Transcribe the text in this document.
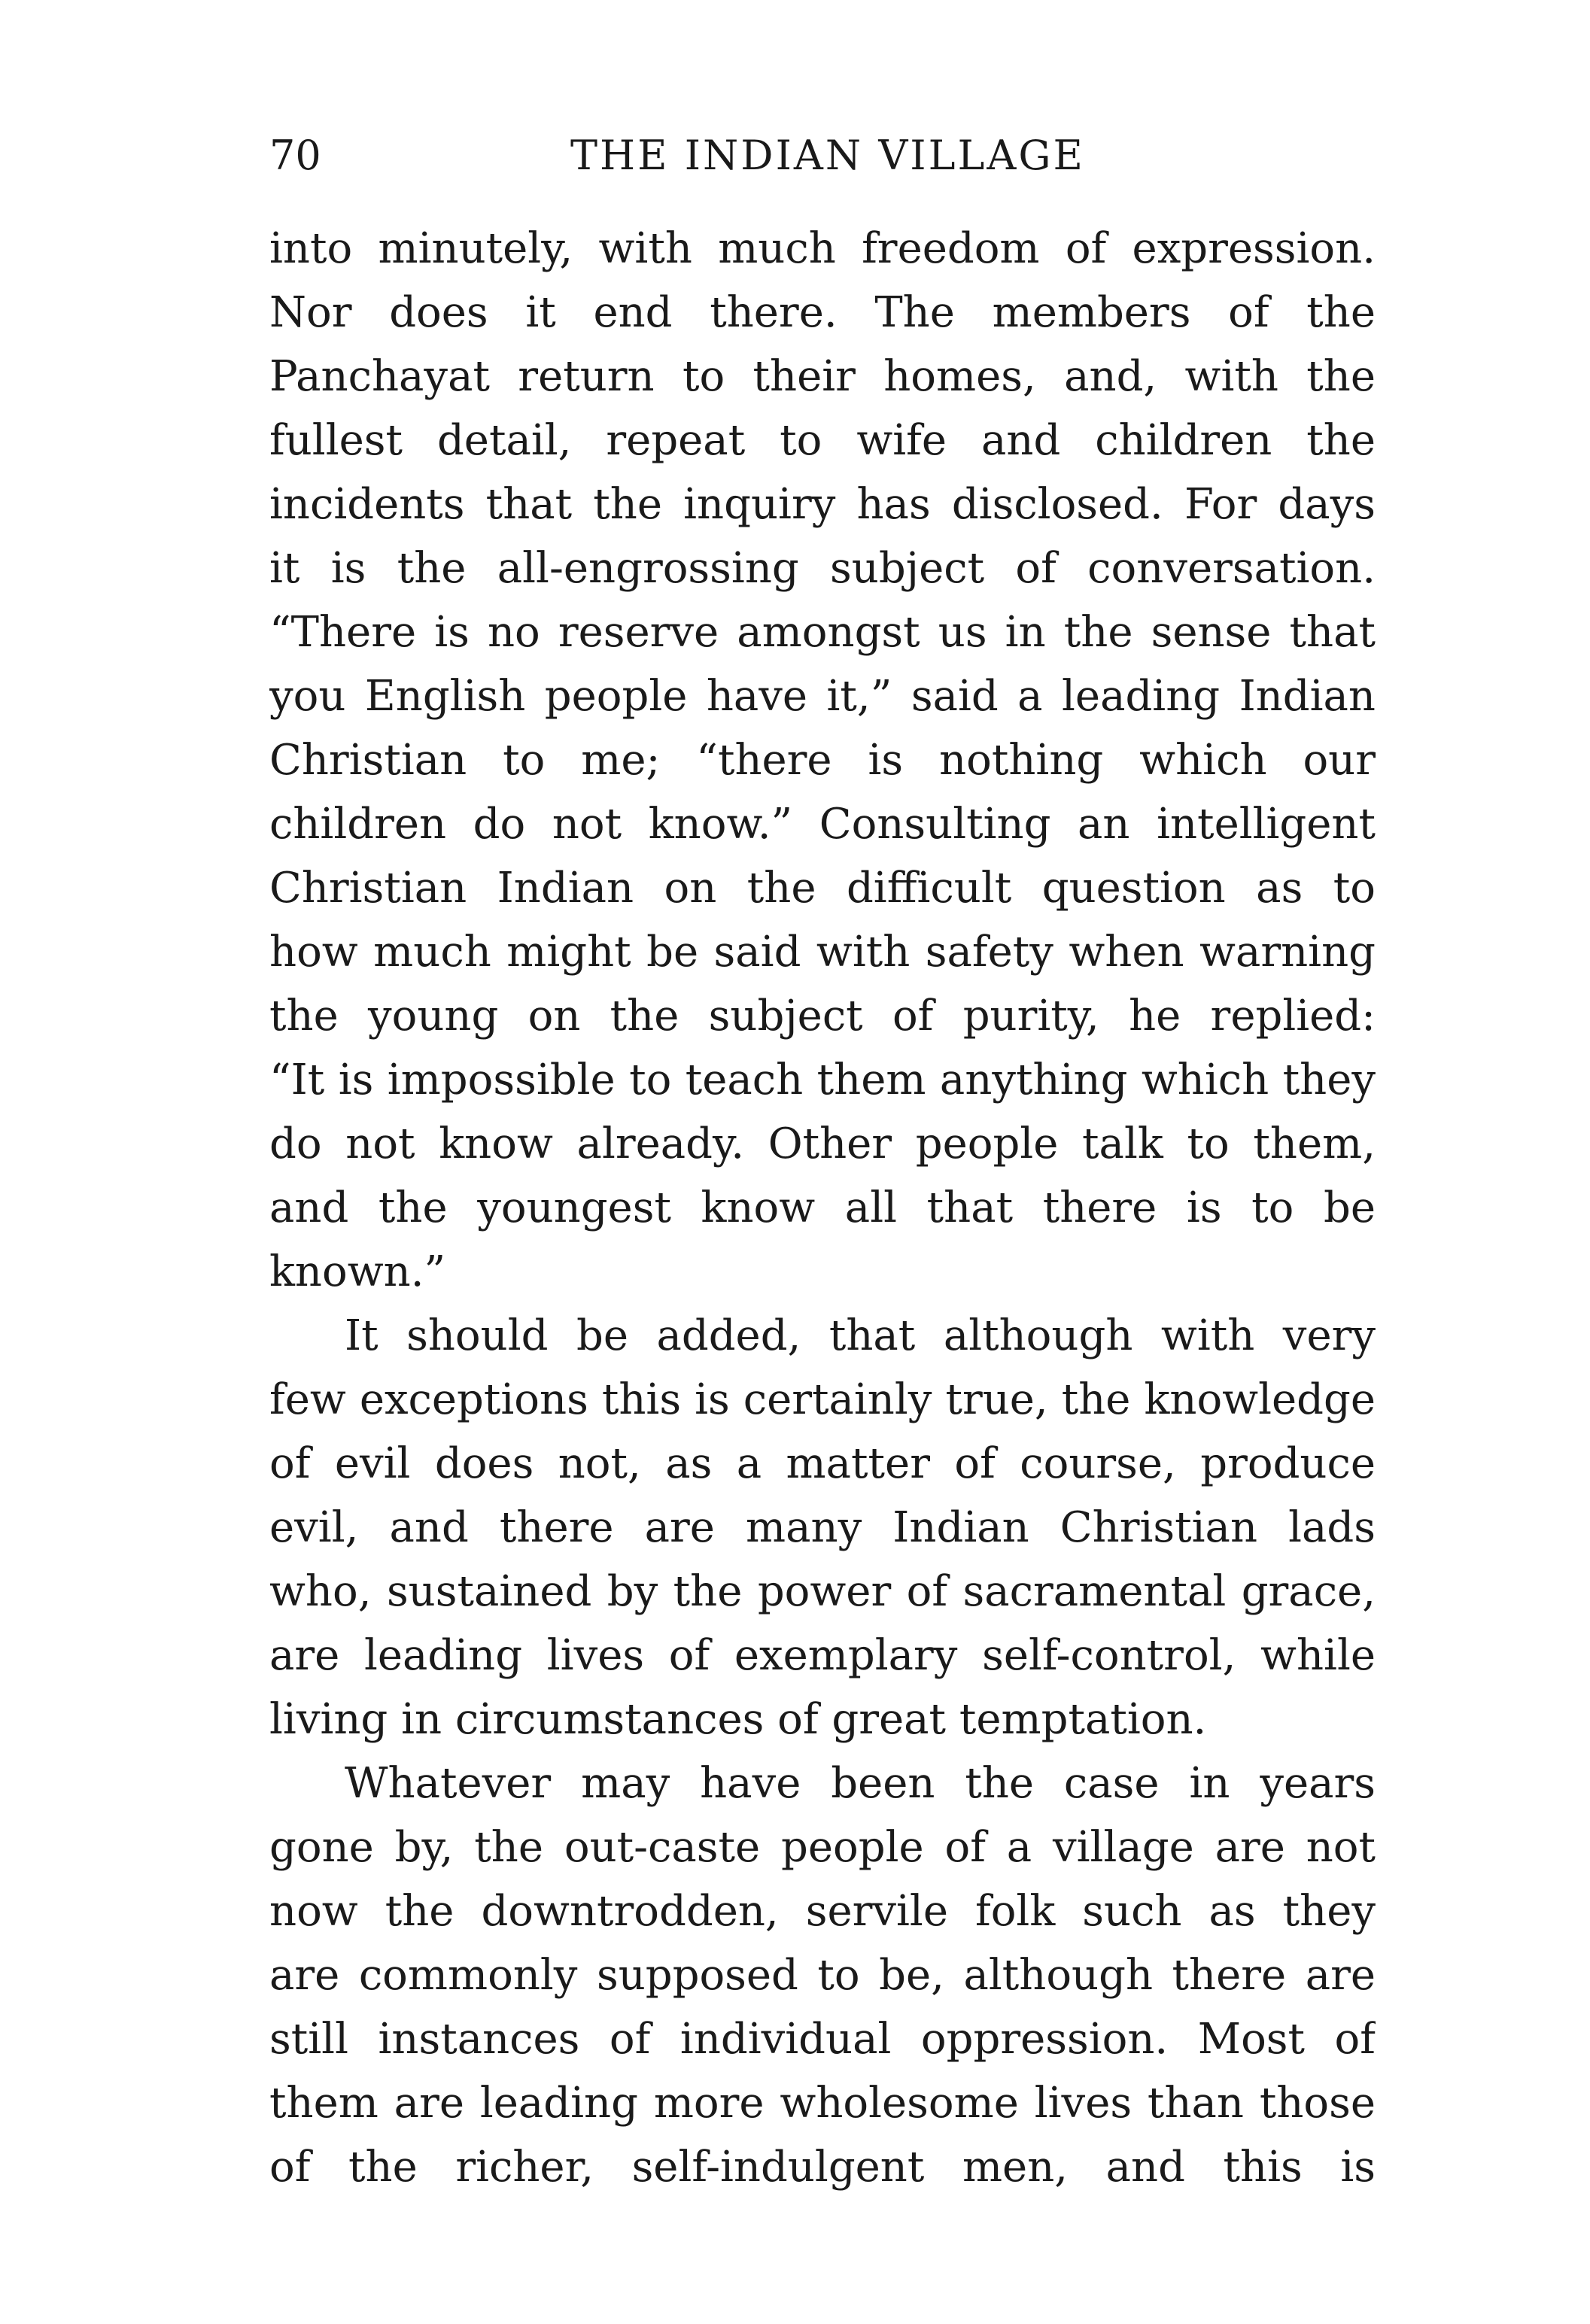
70	THE INDIAN VILLAGE
into minutely, with much freedom of expression.
Nor does it end there. The members of the
Panchayat return to their homes, and, with the
fullest detail, repeat to wife and children the
incidents that the inquiry has disclosed. For days
it is the all-engrossing subject of conversation.
“There is no reserve amongst us in the sense that
you English people have it,” said a leading Indian
Christian to me; “there is nothing which our
children do not know.” Consulting an intelligent
Christian Indian on the difficult question as to
how much might be said with safety when warning
the young on the subject of purity, he replied:
“It is impossible to teach them anything which they
do not know already. Other people talk to them,
and the youngest know all that there is to be
known.”
It should be added, that although with very
few exceptions this is certainly true, the knowledge
of evil does not, as a matter of course, produce
evil, and there are many Indian Christian lads
who, sustained by the power of sacramental grace,
are leading lives of exemplary self-control, while
living in circumstances of great temptation.
Whatever may have been the case in years
gone by, the out-caste people of a village are not
now the downtrodden, servile folk such as they
are commonly supposed to be, although there are
still instances of individual oppression. Most of
them are leading more wholesome lives than those
of the richer, self-indulgent men, and this is
